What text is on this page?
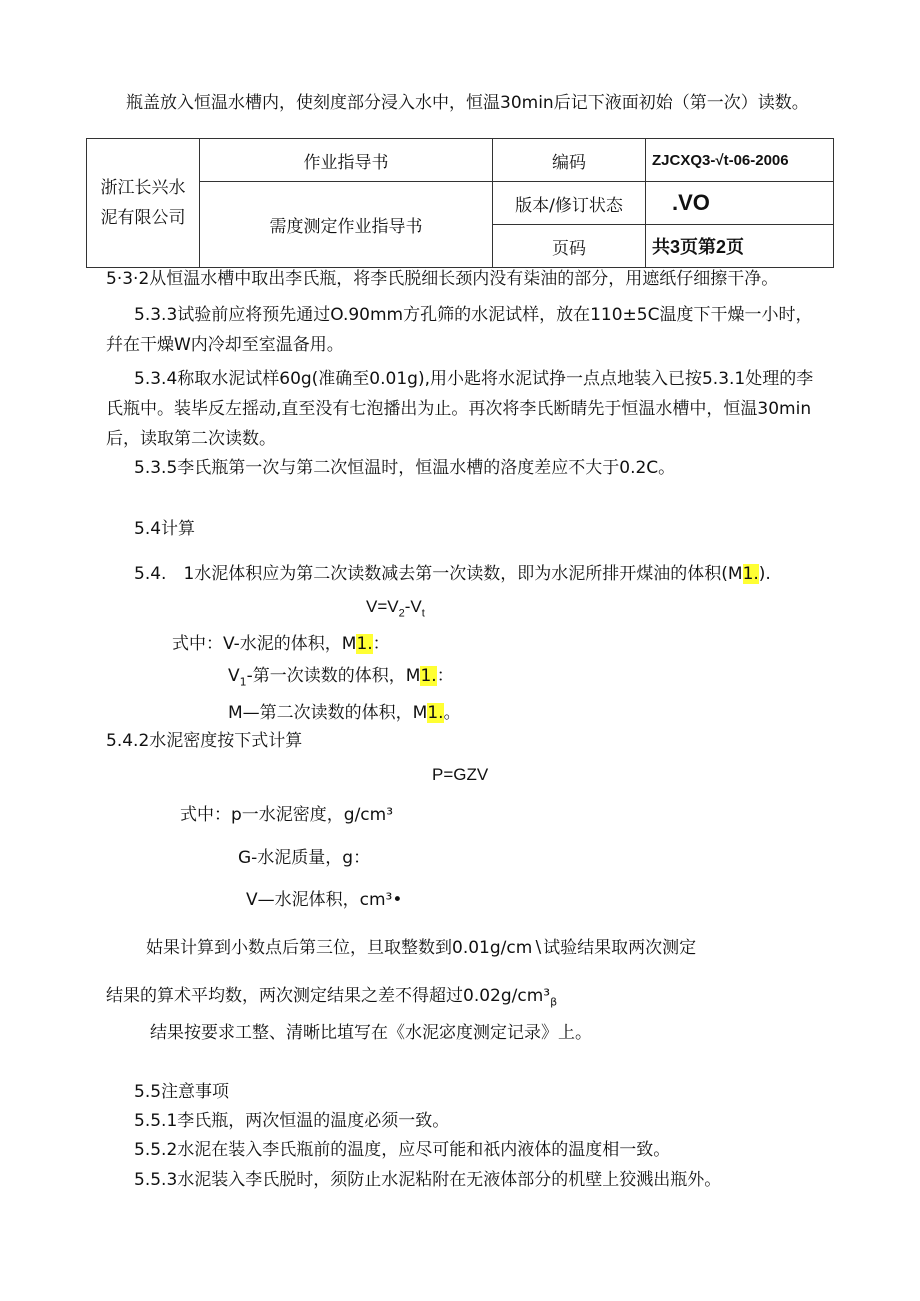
瓶盖放入恒温水槽内，使刻度部分浸入水中，恒温30min后记下液面初始（第一次）读数。
浙江长兴水泥有限公司	作业指导书	编码	ZJCXQ3-√t-06-2006
	需度测定作业指导书	版本/修订状态	.VO
		页码	共3页第2页
5·3·2从恒温水槽中取出李氏瓶，将李氏脱细长颈内没有柒油的部分，用遮纸仔细擦干净。
5.3.3试验前应将预先通过O.90mm方孔筛的水泥试样，放在110±5C温度下干燥一小时，
幷在干燥W内冷却至室温备用。
5.3.4称取水泥试样60g(准确至0.01g),用小匙将水泥试挣一点点地装入已按5.3.1处理的李
氏瓶中。装毕反左摇动,直至没有七泡播出为止。再次将李氏断睛先于恒温水槽中，恒温30min
后，读取第二次读数。
5.3.5李氏瓶第一次与第二次恒温时，恒温水槽的洛度差应不大于0.2C。
5.4计算
5.4.　1水泥体积应为第二次读数减去第一次读数，即为水泥所排开煤油的体积(M1.).
$V=V_2-V_t$
式中：V-水泥的体积，M1.：
$V_1-$第一次读数的体积，M1.：
M—第二次读数的体积，M1.。
5.4.2水泥密度按下式计算
P=GZV
式中：p一水泥密度，g∕cm³
G-水泥质量，g：
V—水泥体积，cm³•
姑果计算到小数点后第三位，旦取整数到0.01g∕cm∖试验结果取两次测定
结果的算术平均数，两次测定结果之差不得超过$0.02g∕cm^3_\beta$
结果按要求工整、清晰比埴写在《水泥宓度测定记录》上。
5.5注意事项
5.5.1李氏瓶，两次恒温的温度必须一致。
5.5.2水泥在装入李氏瓶前的温度，应尽可能和祇内液体的温度相一致。
5.5.3水泥装入李氏脱时，须防止水泥粘附在无液体部分的机壁上狡溅出瓶外。
